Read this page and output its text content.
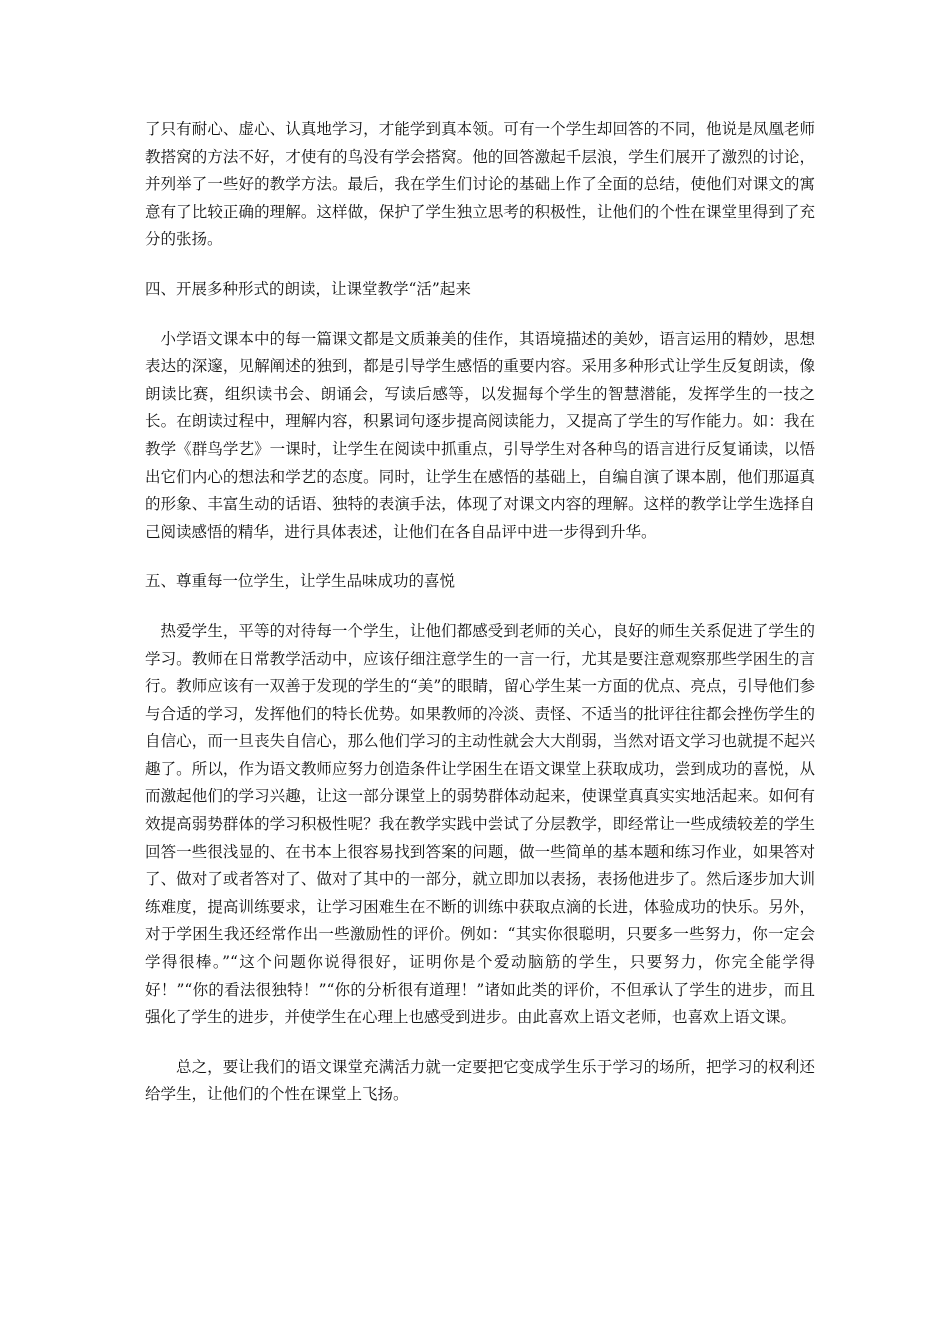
了只有耐心、虚心、认真地学习，才能学到真本领。可有一个学生却回答的不同，他说是凤凰老师教搭窝的方法不好，才使有的鸟没有学会搭窝。他的回答激起千层浪，学生们展开了激烈的讨论，并列举了一些好的教学方法。最后，我在学生们讨论的基础上作了全面的总结，使他们对课文的寓意有了比较正确的理解。这样做，保护了学生独立思考的积极性，让他们的个性在课堂里得到了充分的张扬。

四、开展多种形式的朗读，让课堂教学“活”起来

小学语文课本中的每一篇课文都是文质兼美的佳作，其语境描述的美妙，语言运用的精妙，思想表达的深邃，见解阐述的独到，都是引导学生感悟的重要内容。采用多种形式让学生反复朗读，像朗读比赛，组织读书会、朗诵会，写读后感等，以发掘每个学生的智慧潜能，发挥学生的一技之长。在朗读过程中，理解内容，积累词句逐步提高阅读能力，又提高了学生的写作能力。如：我在教学《群鸟学艺》一课时，让学生在阅读中抓重点，引导学生对各种鸟的语言进行反复诵读，以悟出它们内心的想法和学艺的态度。同时，让学生在感悟的基础上，自编自演了课本剧，他们那逼真的形象、丰富生动的话语、独特的表演手法，体现了对课文内容的理解。这样的教学让学生选择自己阅读感悟的精华，进行具体表述，让他们在各自品评中进一步得到升华。

五、尊重每一位学生，让学生品味成功的喜悦

热爱学生，平等的对待每一个学生，让他们都感受到老师的关心，良好的师生关系促进了学生的学习。教师在日常教学活动中，应该仔细注意学生的一言一行，尤其是要注意观察那些学困生的言行。教师应该有一双善于发现的学生的“美”的眼睛，留心学生某一方面的优点、亮点，引导他们参与合适的学习，发挥他们的特长优势。如果教师的冷淡、责怪、不适当的批评往往都会挫伤学生的自信心，而一旦丧失自信心，那么他们学习的主动性就会大大削弱，当然对语文学习也就提不起兴趣了。所以，作为语文教师应努力创造条件让学困生在语文课堂上获取成功，尝到成功的喜悦，从而激起他们的学习兴趣，让这一部分课堂上的弱势群体动起来，使课堂真真实实地活起来。如何有效提高弱势群体的学习积极性呢？我在教学实践中尝试了分层教学，即经常让一些成绩较差的学生回答一些很浅显的、在书本上很容易找到答案的问题，做一些简单的基本题和练习作业，如果答对了、做对了或者答对了、做对了其中的一部分，就立即加以表扬，表扬他进步了。然后逐步加大训练难度，提高训练要求，让学习困难生在不断的训练中获取点滴的长进，体验成功的快乐。另外，对于学困生我还经常作出一些激励性的评价。例如：“其实你很聪明，只要多一些努力，你一定会学得很棒。”“这个问题你说得很好，证明你是个爱动脑筋的学生，只要努力，你完全能学得好！”“你的看法很独特！”“你的分析很有道理！”诸如此类的评价，不但承认了学生的进步，而且强化了学生的进步，并使学生在心理上也感受到进步。由此喜欢上语文老师，也喜欢上语文课。

总之，要让我们的语文课堂充满活力就一定要把它变成学生乐于学习的场所，把学习的权利还给学生，让他们的个性在课堂上飞扬。
